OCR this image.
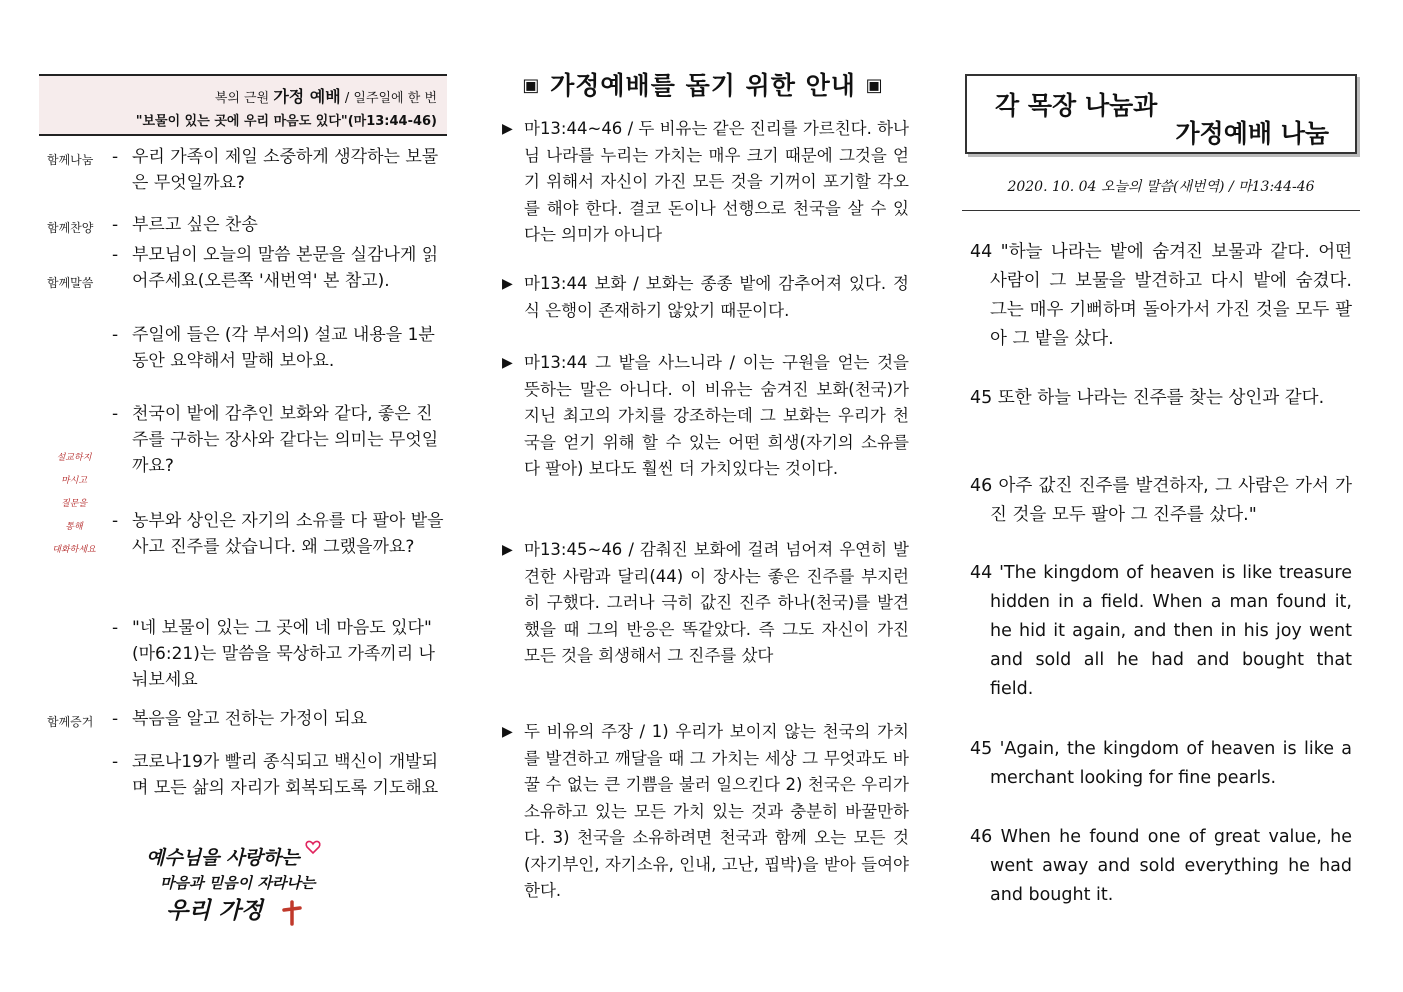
복의 근원 가정 예배 / 일주일에 한 번
"보물이 있는 곳에 우리 마음도 있다"(마13:44-46)
함께나눔
함께찬양
함께말씀
함께증거
설교하지
마시고
질문을
통해
대화하세요
- 우리 가족이 제일 소중하게 생각하는 보물은 무엇일까요?
- 부르고 싶은 찬송
- 부모님이 오늘의 말씀 본문을 실감나게 읽어주세요(오른쪽 '새번역' 본 참고).
- 주일에 들은 (각 부서의) 설교 내용을 1분 동안 요약해서 말해 보아요.
- 천국이 밭에 감추인 보화와 같다, 좋은 진주를 구하는 장사와 같다는 의미는 무엇일까요?
- 농부와 상인은 자기의 소유를 다 팔아 밭을 사고 진주를 샀습니다. 왜 그랬을까요?
- "네 보물이 있는 그 곳에 네 마음도 있다"(마6:21)는 말씀을 묵상하고 가족끼리 나눠보세요
- 복음을 알고 전하는 가정이 되요
- 코로나19가 빨리 종식되고 백신이 개발되며 모든 삶의 자리가 회복되도록 기도해요
예수님을 사랑하는
마음과 믿음이 자라나는
우리 가정
▣ 가정예배를 돕기 위한 안내 ▣
▶ 마13:44~46 / 두 비유는 같은 진리를 가르친다. 하나님 나라를 누리는 가치는 매우 크기 때문에 그것을 얻기 위해서 자신이 가진 모든 것을 기꺼이 포기할 각오를 해야 한다. 결코 돈이나 선행으로 천국을 살 수 있다는 의미가 아니다
▶ 마13:44 보화 / 보화는 종종 밭에 감추어져 있다. 정식 은행이 존재하기 않았기 때문이다.
▶ 마13:44 그 밭을 사느니라 / 이는 구원을 얻는 것을 뜻하는 말은 아니다. 이 비유는 숨겨진 보화(천국)가 지닌 최고의 가치를 강조하는데 그 보화는 우리가 천국을 얻기 위해 할 수 있는 어떤 희생(자기의 소유를 다 팔아) 보다도 훨씬 더 가치있다는 것이다.
▶ 마13:45~46 / 감춰진 보화에 걸려 넘어져 우연히 발견한 사람과 달리(44) 이 장사는 좋은 진주를 부지런히 구했다. 그러나 극히 값진 진주 하나(천국)를 발견했을 때 그의 반응은 똑같았다. 즉 그도 자신이 가진 모든 것을 희생해서 그 진주를 샀다
▶ 두 비유의 주장 / 1) 우리가 보이지 않는 천국의 가치를 발견하고 깨달을 때 그 가치는 세상 그 무엇과도 바꿀 수 없는 큰 기쁨을 불러 일으킨다 2) 천국은 우리가 소유하고 있는 모든 가치 있는 것과 충분히 바꿀만하다. 3) 천국을 소유하려면 천국과 함께 오는 모든 것(자기부인, 자기소유, 인내, 고난, 핍박)을 받아 들여야한다.
각 목장 나눔과
가정예배 나눔
2020. 10. 04 오늘의 말씀(새번역) / 마13:44-46
44 "하늘 나라는 밭에 숨겨진 보물과 같다. 어떤 사람이 그 보물을 발견하고 다시 밭에 숨겼다. 그는 매우 기뻐하며 돌아가서 가진 것을 모두 팔아 그 밭을 샀다.
45 또한 하늘 나라는 진주를 찾는 상인과 같다.
46 아주 값진 진주를 발견하자, 그 사람은 가서 가진 것을 모두 팔아 그 진주를 샀다."
44 'The kingdom of heaven is like treasure hidden in a field. When a man found it, he hid it again, and then in his joy went and sold all he had and bought that field.
45 'Again, the kingdom of heaven is like a merchant looking for fine pearls.
46 When he found one of great value, he went away and sold everything he had and bought it.
